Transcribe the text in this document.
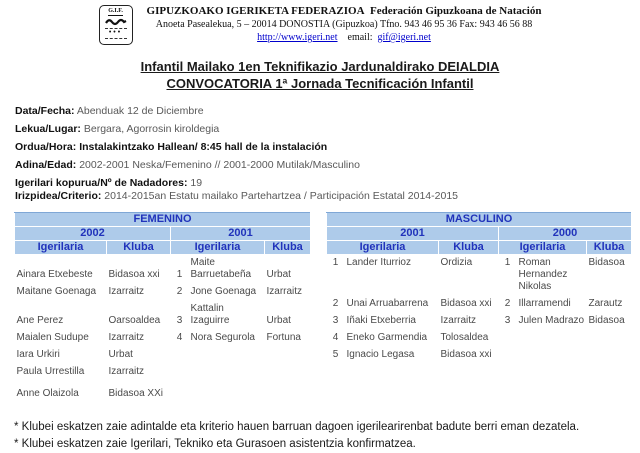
G.I.F.
•••
GIPUZKOAKO IGERIKETA FEDERAZIOA Federación Gipuzkoana de Natación
Anoeta Pasealekua, 5 – 20014 DONOSTIA (Gipuzkoa) Tfno. 943 46 95 36 Fax: 943 46 56 88
http://www.igeri.net email: gif@igeri.net
Infantil Mailako 1en Teknifikazio Jardunaldirako DEIALDIA
CONVOCATORIA 1ª Jornada Tecnificación Infantil
Data/Fecha: Abenduak 12 de Diciembre
Lekua/Lugar: Bergara, Agorrosin kiroldegia
Ordua/Hora: Instalakintzako Hallean/ 8:45 hall de la instalación
Adina/Edad: 2002-2001 Neska/Femenino // 2001-2000 Mutilak/Masculino
Igerilari kopurua/Nº de Nadadores: 19
Irizpidea/Criterio: 2014-2015an Estatu mailako Partehartzea / Participación Estatal 2014-2015
FEMENINO				
2002		2001		
Igerilaria	Kluba	Igerilaria		Kluba
Ainara Etxebeste	Bidasoa xxi	1	Maite Barruetabeña	Urbat
Maitane Goenaga	Izarraitz	2	Jone Goenaga	Izarraitz
Ane Perez	Oarsoaldea	3	Kattalin Izaguirre	Urbat
Maialen Sudupe	Izarraitz	4	Nora Segurola	Fortuna
Iara Urkiri	Urbat			
Paula Urrestilla	Izarraitz			

Anne Olaizola	Bidasoa XXi			
MASCULINO					
2001			2000		
Igerilaria		Kluba	Igerilaria		Kluba
1	Lander Iturrioz	Ordizia	1	Roman Hernandez Nikolas	Bidasoa
2	Unai Arruabarrena	Bidasoa xxi	2	Illarramendi	Zarautz
3	Iñaki Etxeberria	Izarraitz	3	Julen Madrazo	Bidasoa
4	Eneko Garmendia	Tolosaldea			
5	Ignacio Legasa	Bidasoa xxi			
* Klubei eskatzen zaie adintalde eta kriterio hauen barruan dagoen igerilearirenbat badute berri eman dezatela.
* Klubei eskatzen zaie Igerilari, Tekniko eta Gurasoen asistentzia konfirmatzea.
